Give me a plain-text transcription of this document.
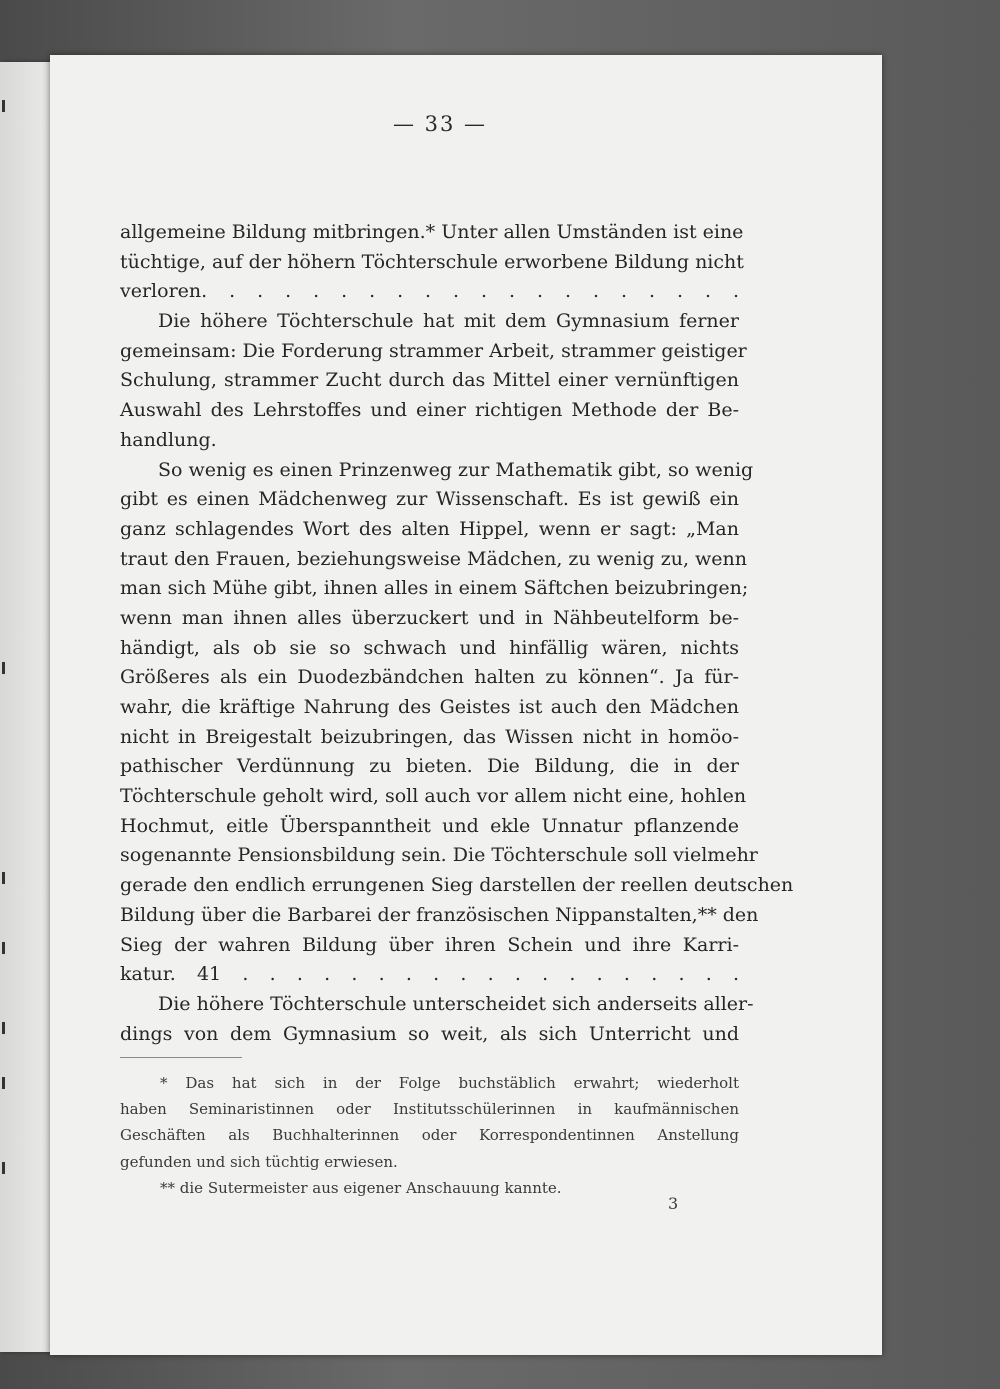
— 33 —
allgemeine Bildung mitbringen.* Unter allen Umständen ist eine
tüchtige, auf der höhern Töchterschule erworbene Bildung nicht
verloren. . . . . . . . . . . . . . . . . . . .
Die höhere Töchterschule hat mit dem Gymnasium ferner
gemeinsam: Die Forderung strammer Arbeit, strammer geistiger
Schulung, strammer Zucht durch das Mittel einer vernünftigen
Auswahl des Lehrstoffes und einer richtigen Methode der Be-
handlung.
So wenig es einen Prinzenweg zur Mathematik gibt, so wenig
gibt es einen Mädchenweg zur Wissenschaft. Es ist gewiß ein
ganz schlagendes Wort des alten Hippel, wenn er sagt: „Man
traut den Frauen, beziehungsweise Mädchen, zu wenig zu, wenn
man sich Mühe gibt, ihnen alles in einem Säftchen beizubringen;
wenn man ihnen alles überzuckert und in Nähbeutelform be-
händigt, als ob sie so schwach und hinfällig wären, nichts
Größeres als ein Duodezbändchen halten zu können“. Ja für-
wahr, die kräftige Nahrung des Geistes ist auch den Mädchen
nicht in Breigestalt beizubringen, das Wissen nicht in homöo-
pathischer Verdünnung zu bieten. Die Bildung, die in der
Töchterschule geholt wird, soll auch vor allem nicht eine, hohlen
Hochmut, eitle Überspanntheit und ekle Unnatur pflanzende
sogenannte Pensionsbildung sein. Die Töchterschule soll vielmehr
gerade den endlich errungenen Sieg darstellen der reellen deutschen
Bildung über die Barbarei der französischen Nippanstalten,** den
Sieg der wahren Bildung über ihren Schein und ihre Karri-
katur. 41 . . . . . . . . . . . . . . . . . . .
Die höhere Töchterschule unterscheidet sich anderseits aller-
dings von dem Gymnasium so weit, als sich Unterricht und
* Das hat sich in der Folge buchstäblich erwahrt; wiederholt
haben Seminaristinnen oder Institutsschülerinnen in kaufmännischen
Geschäften als Buchhalterinnen oder Korrespondentinnen Anstellung
gefunden und sich tüchtig erwiesen.
** die Sutermeister aus eigener Anschauung kannte.
3
